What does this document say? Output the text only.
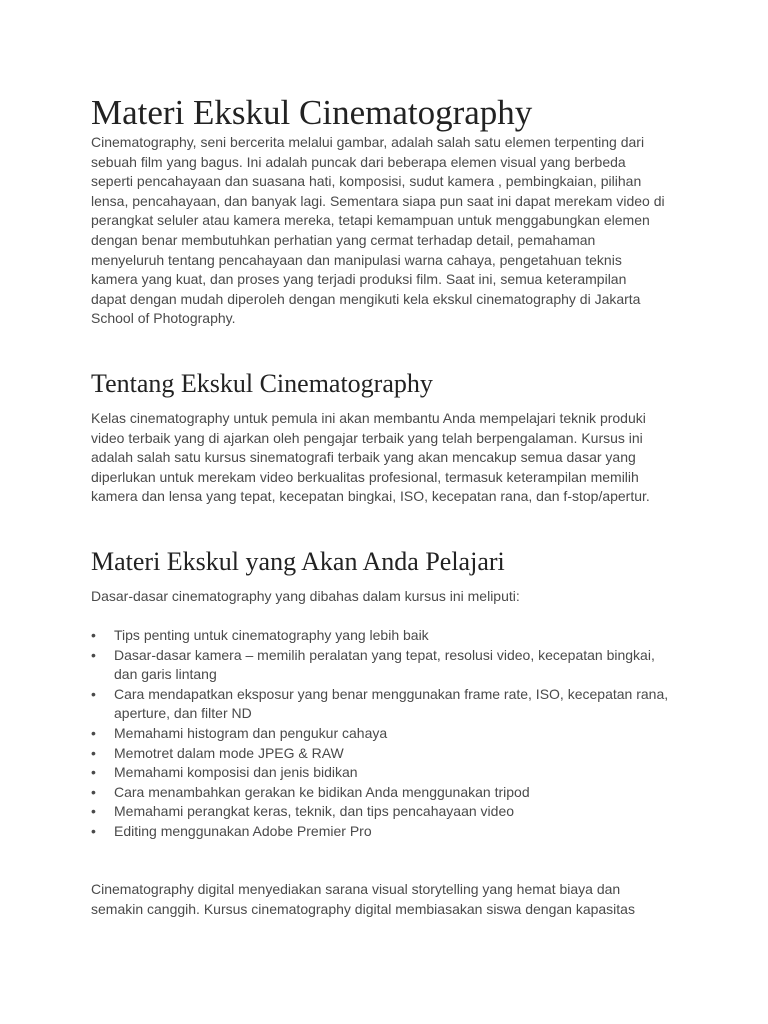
Materi Ekskul Cinematography
Cinematography, seni bercerita melalui gambar, adalah salah satu elemen terpenting dari
sebuah film yang bagus. Ini adalah puncak dari beberapa elemen visual yang berbeda
seperti pencahayaan dan suasana hati, komposisi, sudut kamera , pembingkaian, pilihan
lensa, pencahayaan, dan banyak lagi. Sementara siapa pun saat ini dapat merekam video di
perangkat seluler atau kamera mereka, tetapi kemampuan untuk menggabungkan elemen
dengan benar membutuhkan perhatian yang cermat terhadap detail, pemahaman
menyeluruh tentang pencahayaan dan manipulasi warna cahaya, pengetahuan teknis
kamera yang kuat, dan proses yang terjadi produksi film. Saat ini, semua keterampilan
dapat dengan mudah diperoleh dengan mengikuti kela ekskul cinematography di Jakarta
School of Photography.
Tentang Ekskul Cinematography
Kelas cinematography untuk pemula ini akan membantu Anda mempelajari teknik produki
video terbaik yang di ajarkan oleh pengajar terbaik yang telah berpengalaman. Kursus ini
adalah salah satu kursus sinematografi terbaik yang akan mencakup semua dasar yang
diperlukan untuk merekam video berkualitas profesional, termasuk keterampilan memilih
kamera dan lensa yang tepat, kecepatan bingkai, ISO, kecepatan rana, dan f-stop/apertur.
Materi Ekskul yang Akan Anda Pelajari
Dasar-dasar cinematography yang dibahas dalam kursus ini meliputi:
•	Tips penting untuk cinematography yang lebih baik
•	Dasar-dasar kamera – memilih peralatan yang tepat, resolusi video, kecepatan bingkai,
dan garis lintang
•	Cara mendapatkan eksposur yang benar menggunakan frame rate, ISO, kecepatan rana,
aperture, dan filter ND
•	Memahami histogram dan pengukur cahaya
•	Memotret dalam mode JPEG & RAW
•	Memahami komposisi dan jenis bidikan
•	Cara menambahkan gerakan ke bidikan Anda menggunakan tripod
•	Memahami perangkat keras, teknik, dan tips pencahayaan video
•	Editing menggunakan Adobe Premier Pro
Cinematography digital menyediakan sarana visual storytelling yang hemat biaya dan
semakin canggih. Kursus cinematography digital membiasakan siswa dengan kapasitas
